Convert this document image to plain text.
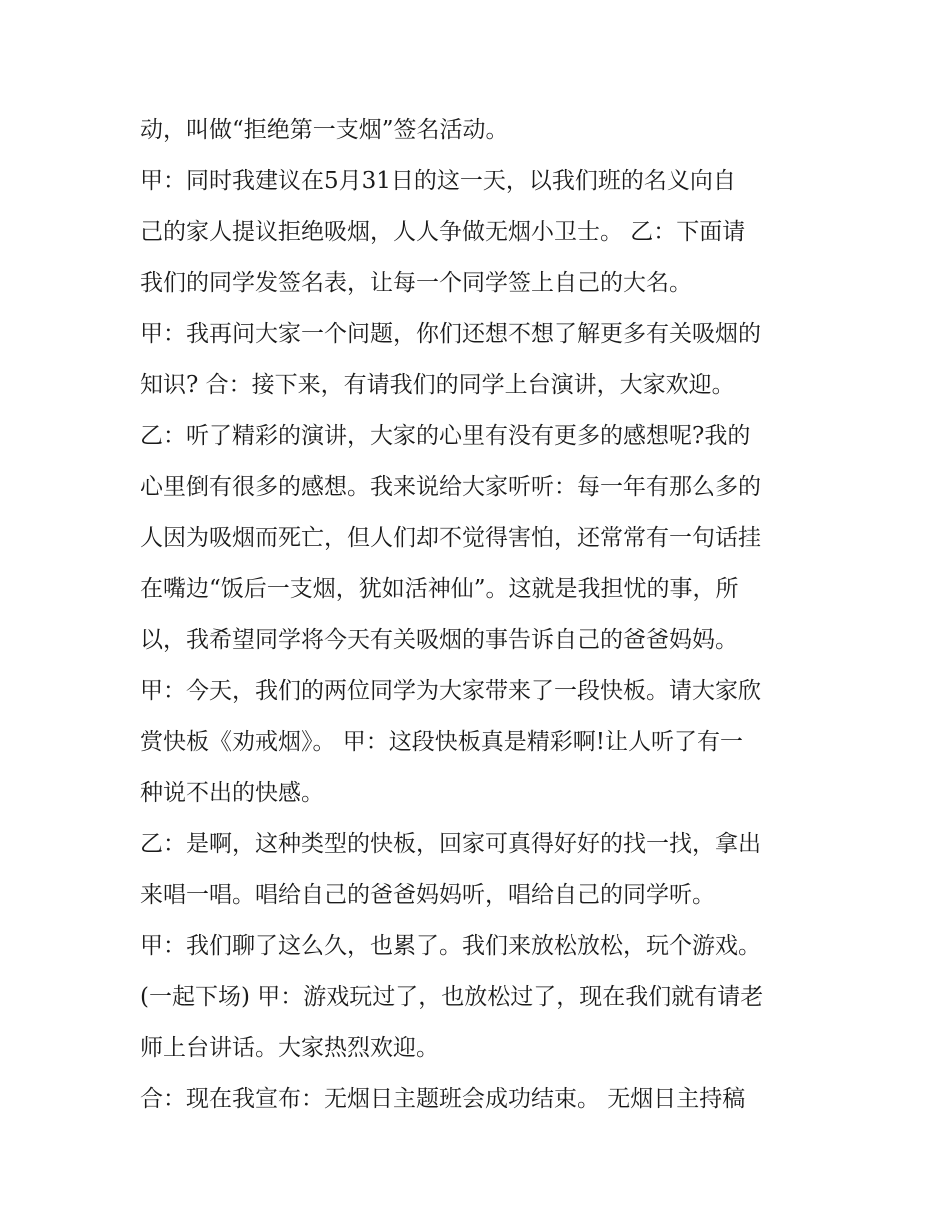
动，叫做“拒绝第一支烟”签名活动。
甲：同时我建议在5月31日的这一天，以我们班的名义向自
己的家人提议拒绝吸烟，人人争做无烟小卫士。 乙：下面请
我们的同学发签名表，让每一个同学签上自己的大名。
甲：我再问大家一个问题，你们还想不想了解更多有关吸烟的
知识? 合：接下来，有请我们的同学上台演讲，大家欢迎。
乙：听了精彩的演讲，大家的心里有没有更多的感想呢?我的
心里倒有很多的感想。我来说给大家听听：每一年有那么多的
人因为吸烟而死亡，但人们却不觉得害怕，还常常有一句话挂
在嘴边“饭后一支烟，犹如活神仙”。这就是我担忧的事，所
以，我希望同学将今天有关吸烟的事告诉自己的爸爸妈妈。
甲：今天，我们的两位同学为大家带来了一段快板。请大家欣
赏快板《劝戒烟》。 甲：这段快板真是精彩啊!让人听了有一
种说不出的快感。
乙：是啊，这种类型的快板，回家可真得好好的找一找，拿出
来唱一唱。唱给自己的爸爸妈妈听，唱给自己的同学听。
甲：我们聊了这么久，也累了。我们来放松放松，玩个游戏。
(一起下场) 甲：游戏玩过了，也放松过了，现在我们就有请老
师上台讲话。大家热烈欢迎。
合：现在我宣布：无烟日主题班会成功结束。 无烟日主持稿
